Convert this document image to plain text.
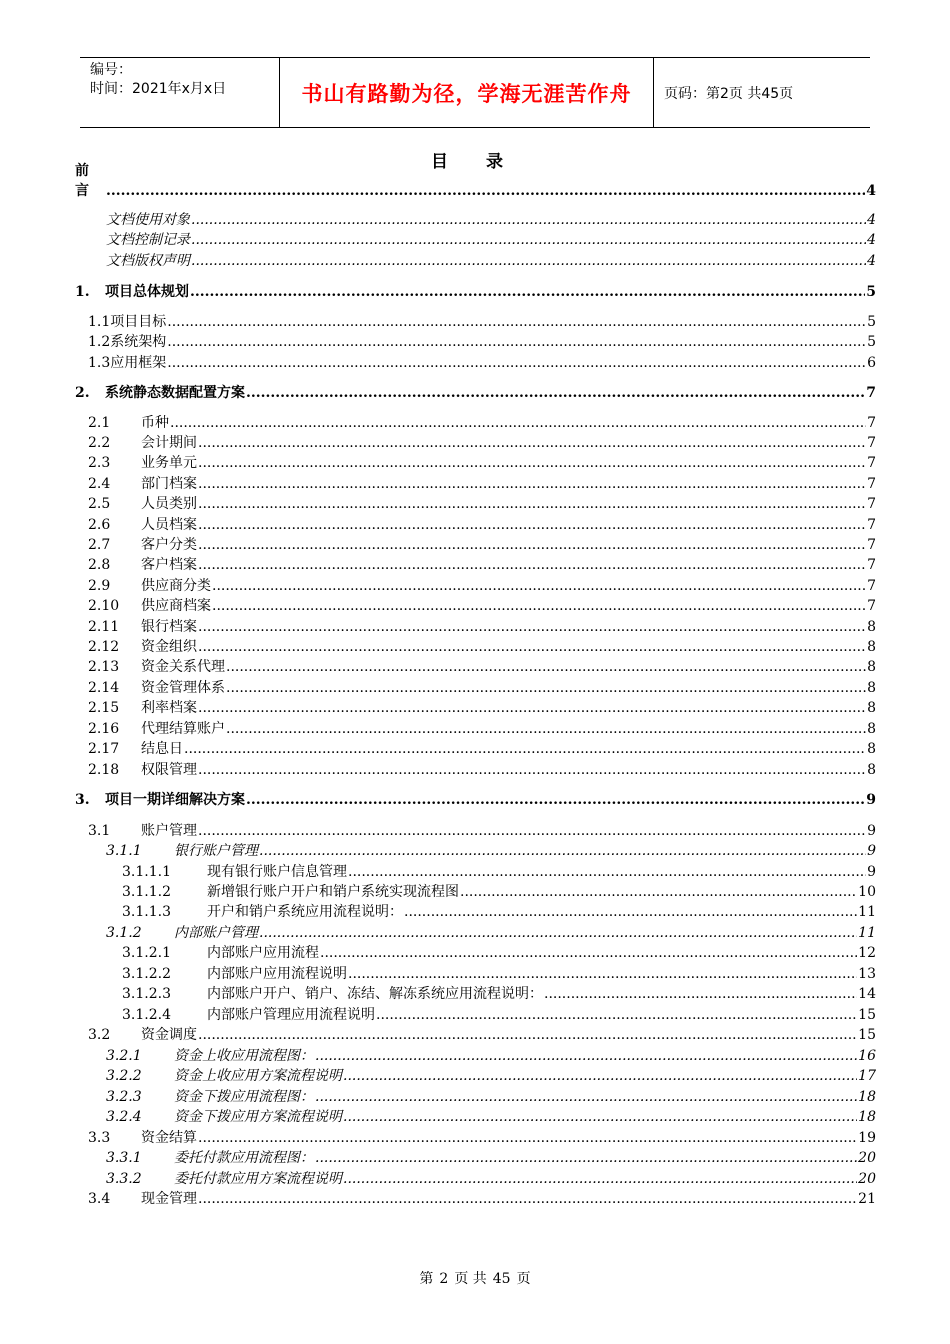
编号：
时间：2021年x月x日	书山有路勤为径，学海无涯苦作舟	页码：第2页 共45页
目 录
前 言 .....	4
文档使用对象 .....	4
文档控制记录 .....	4
文档版权声明 .....	4
1.	项目总体规划 .....	5
1.1 项目目标 .....	5
1.2 系统架构 .....	5
1.3 应用框架 .....	6
2.	系统静态数据配置方案 .....	7
2.1	币种 .....	7
2.2	会计期间 .....	7
2.3	业务单元 .....	7
2.4	部门档案 .....	7
2.5	人员类别 .....	7
2.6	人员档案 .....	7
2.7	客户分类 .....	7
2.8	客户档案 .....	7
2.9	供应商分类 .....	7
2.10	供应商档案 .....	7
2.11	银行档案 .....	8
2.12	资金组织 .....	8
2.13	资金关系代理 .....	8
2.14	资金管理体系 .....	8
2.15	利率档案 .....	8
2.16	代理结算账户 .....	8
2.17	结息日 .....	8
2.18	权限管理 .....	8
3.	项目一期详细解决方案 .....	9
3.1	账户管理 .....	9
3.1.1	银行账户管理 .....	9
3.1.1.1	现有银行账户信息管理 .....	9
3.1.1.2	新增银行账户开户和销户系统实现流程图 .....	10
3.1.1.3	开户和销户系统应用流程说明： .....	11
3.1.2	内部账户管理 .....	11
3.1.2.1	内部账户应用流程 .....	12
3.1.2.2	内部账户应用流程说明 .....	13
3.1.2.3	内部账户开户、销户、冻结、解冻系统应用流程说明： .....	14
3.1.2.4	内部账户管理应用流程说明 .....	15
3.2	资金调度 .....	15
3.2.1	资金上收应用流程图： .....	16
3.2.2	资金上收应用方案流程说明 .....	17
3.2.3	资金下拨应用流程图： .....	18
3.2.4	资金下拨应用方案流程说明 .....	18
3.3	资金结算 .....	19
3.3.1	委托付款应用流程图： .....	20
3.3.2	委托付款应用方案流程说明 .....	20
3.4	现金管理 .....	21
第 2 页 共 45 页
